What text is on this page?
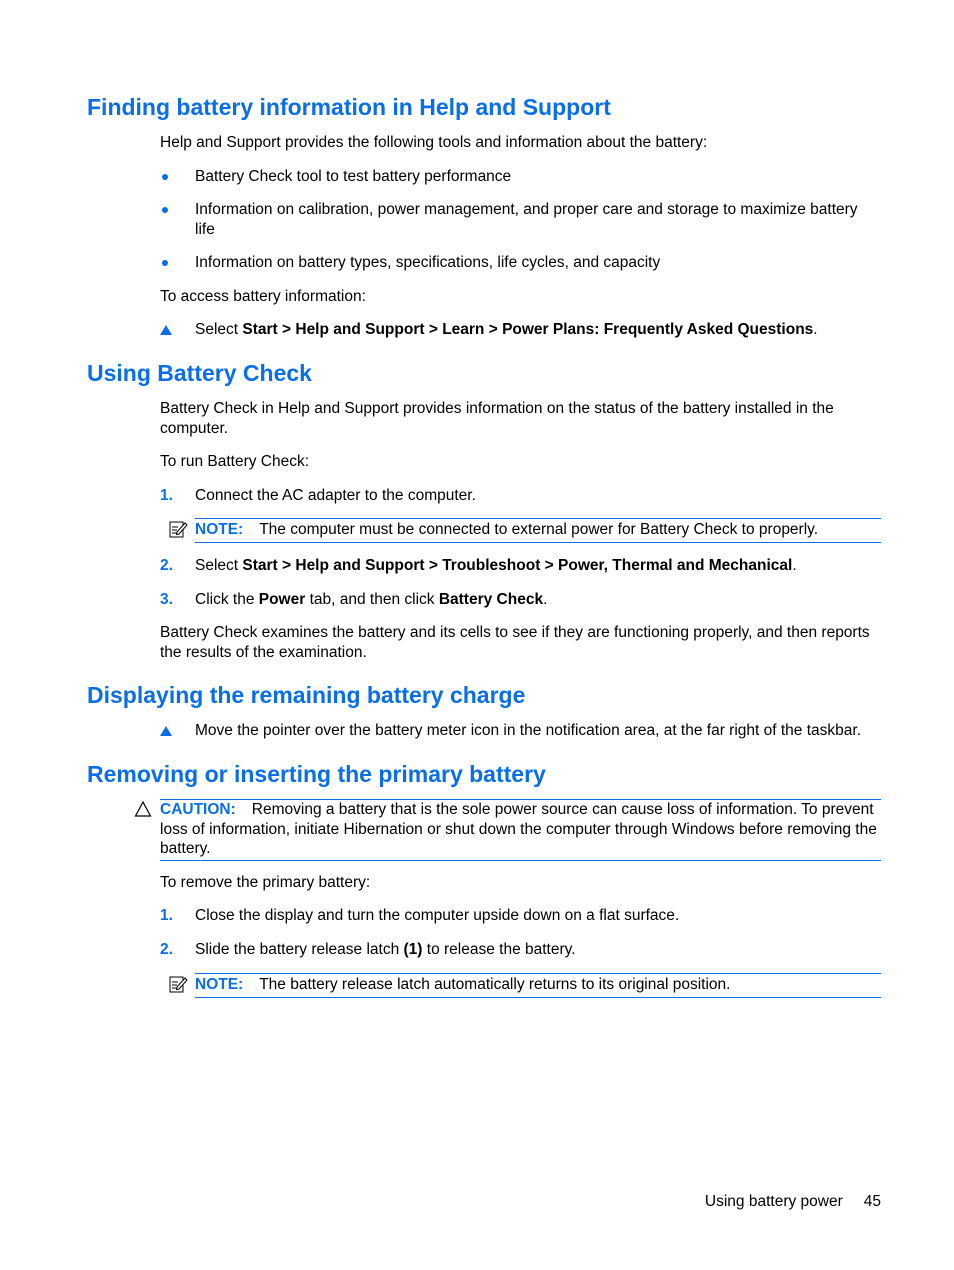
Finding battery information in Help and Support

Help and Support provides the following tools and information about the battery:

Battery Check tool to test battery performance

Information on calibration, power management, and proper care and storage to maximize battery life

Information on battery types, specifications, life cycles, and capacity

To access battery information:

Select Start > Help and Support > Learn > Power Plans: Frequently Asked Questions.

Using Battery Check

Battery Check in Help and Support provides information on the status of the battery installed in the computer.

To run Battery Check:

1. Connect the AC adapter to the computer.

NOTE: The computer must be connected to external power for Battery Check to properly.

2. Select Start > Help and Support > Troubleshoot > Power, Thermal and Mechanical.

3. Click the Power tab, and then click Battery Check.

Battery Check examines the battery and its cells to see if they are functioning properly, and then reports the results of the examination.

Displaying the remaining battery charge

Move the pointer over the battery meter icon in the notification area, at the far right of the taskbar.

Removing or inserting the primary battery
CAUTION: Removing a battery that is the sole power source can cause loss of information. To prevent loss of information, initiate Hibernation or shut down the computer through Windows before removing the battery.

To remove the primary battery:

1. Close the display and turn the computer upside down on a flat surface.

2. Slide the battery release latch (1) to release the battery.

NOTE: The battery release latch automatically returns to its original position.
Using battery power 45
